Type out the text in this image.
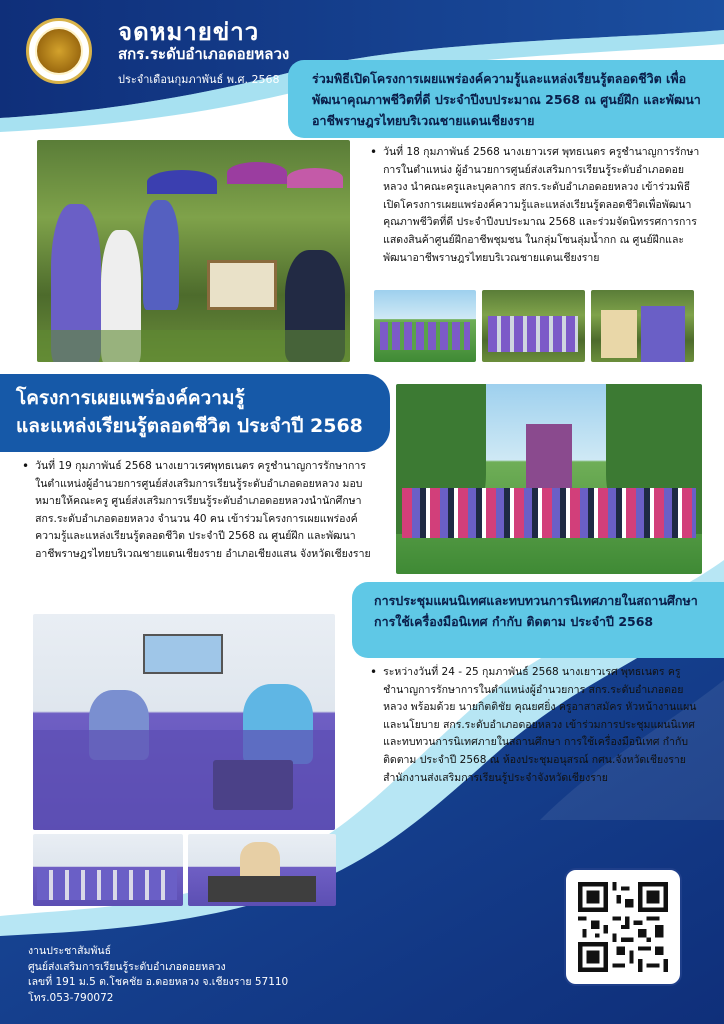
จดหมายข่าว
สกร.ระดับอำเภอดอยหลวง
ประจำเดือนกุมภาพันธ์ พ.ศ. 2568	ร่วมพิธีเปิดโครงการเผยแพร่องค์ความรู้และแหล่งเรียนรู้ตลอดชีวิต เพื่อพัฒนาคุณภาพชีวิตที่ดี ประจำปีงบประมาณ 2568 ณ ศูนย์ฝึก และพัฒนาอาชีพราษฎรไทยบริเวณชายแดนเชียงราย
• วันที่ 18 กุมภาพันธ์ 2568 นางเยาวเรศ พุทธเนตร ครูชำนาญการรักษาการในตำแหน่ง ผู้อำนวยการศูนย์ส่งเสริมการเรียนรู้ระดับอำเภอดอยหลวง นำคณะครูและบุคลากร สกร.ระดับอำเภอดอยหลวง เข้าร่วมพิธีเปิดโครงการเผยแพร่องค์ความรู้และแหล่งเรียนรู้ตลอดชีวิตเพื่อพัฒนาคุณภาพชีวิตที่ดี ประจำปีงบประมาณ 2568 และร่วมจัดนิทรรศการการแสดงสินค้าศูนย์ฝึกอาชีพชุมชน ในกลุ่มโซนลุ่มน้ำกก ณ ศูนย์ฝึกและพัฒนาอาชีพราษฎรไทยบริเวณชายแดนเชียงราย

โครงการเผยแพร่องค์ความรู้
และแหล่งเรียนรู้ตลอดชีวิต ประจำปี 2568
• วันที่ 19 กุมภาพันธ์ 2568 นางเยาวเรศพุทธเนตร ครูชำนาญการรักษาการในตำแหน่งผู้อำนวยการศูนย์ส่งเสริมการเรียนรู้ระดับอำเภอดอยหลวง มอบหมายให้คณะครู ศูนย์ส่งเสริมการเรียนรู้ระดับอำเภอดอยหลวงนำนักศึกษา สกร.ระดับอำเภอดอยหลวง จำนวน 40 คน เข้าร่วมโครงการเผยแพร่องค์ความรู้และแหล่งเรียนรู้ตลอดชีวิต ประจำปี 2568 ณ ศูนย์ฝึก และพัฒนาอาชีพราษฎรไทยบริเวณชายแดนเชียงราย อำเภอเชียงแสน จังหวัดเชียงราย

การประชุมแผนนิเทศและทบทวนการนิเทศภายในสถานศึกษา การใช้เครื่องมือนิเทศ กำกับ ติดตาม ประจำปี 2568
• ระหว่างวันที่ 24 - 25 กุมภาพันธ์ 2568 นางเยาวเรศ พุทธเนตร ครูชำนาญการรักษาการในตำแหน่งผู้อำนวยการ สกร.ระดับอำเภอดอยหลวง พร้อมด้วย นายกิตติชัย คุณยศยิ่ง ครูอาสาสมัคร หัวหน้างานแผนและนโยบาย สกร.ระดับอำเภอดอยหลวง เข้าร่วมการประชุมแผนนิเทศและทบทวนการนิเทศภายในสถานศึกษา การใช้เครื่องมือนิเทศ กำกับ ติดตาม ประจำปี 2568 ณ ห้องประชุมอนุสรณ์ กศน.จังหวัดเชียงราย สำนักงานส่งเสริมการเรียนรู้ประจำจังหวัดเชียงราย

งานประชาสัมพันธ์
ศูนย์ส่งเสริมการเรียนรู้ระดับอำเภอดอยหลวง
เลขที่ 191 ม.5 ต.โชคชัย อ.ดอยหลวง จ.เชียงราย 57110
โทร.053-790072
